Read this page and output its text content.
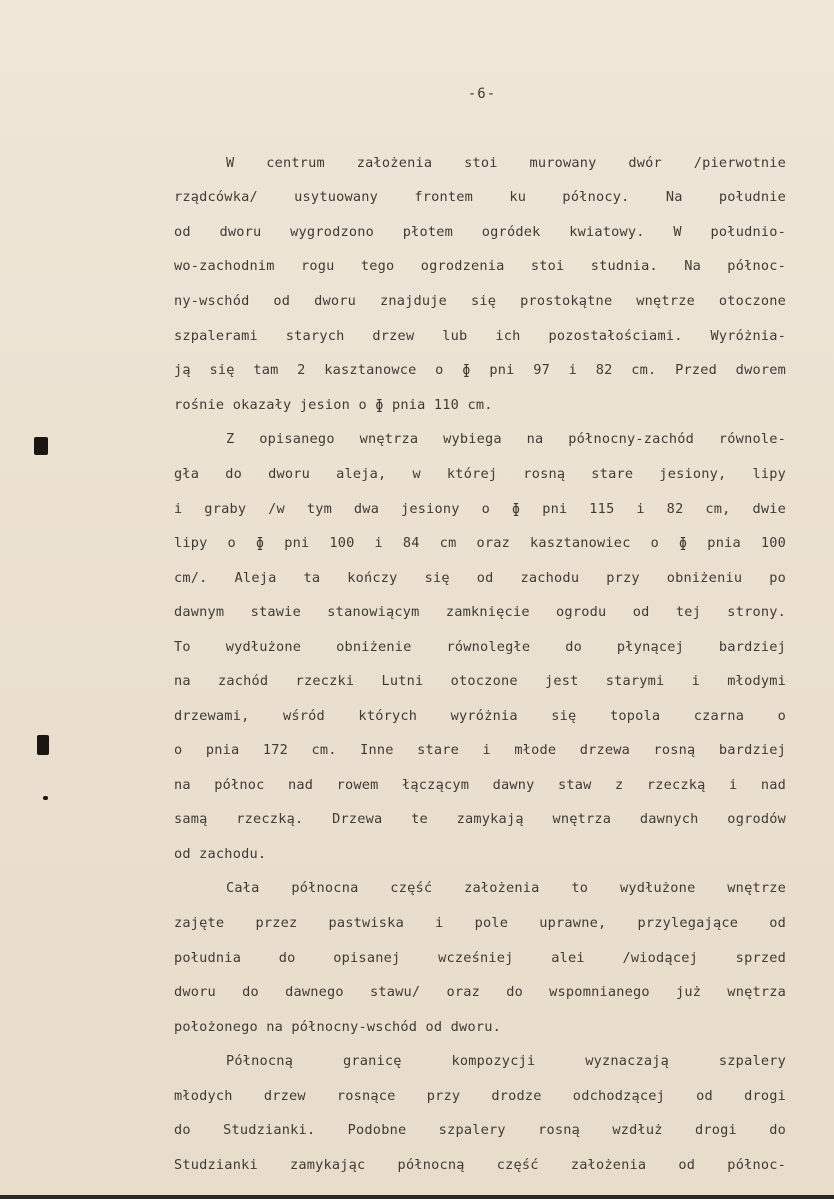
-6-
W centrum założenia stoi murowany dwór /pierwotnie
rządcówka/ usytuowany frontem ku północy. Na południe
od dworu wygrodzono płotem ogródek kwiatowy. W południo-
wo-zachodnim rogu tego ogrodzenia stoi studnia. Na północ-
ny-wschód od dworu znajduje się prostokątne wnętrze otoczone
szpalerami starych drzew lub ich pozostałościami. Wyróżnia-
ją się tam 2 kasztanowce o ɸ pni 97 i 82 cm. Przed dworem
rośnie okazały jesion o ɸ pnia 110 cm.
Z opisanego wnętrza wybiega na północny-zachód równole-
gła do dworu aleja, w której rosną stare jesiony, lipy
i graby /w tym dwa jesiony o ɸ pni 115 i 82 cm, dwie
lipy o ɸ pni 100 i 84 cm oraz kasztanowiec o ɸ pnia 100
cm/. Aleja ta kończy się od zachodu przy obniżeniu po
dawnym stawie stanowiącym zamknięcie ogrodu od tej strony.
To wydłużone obniżenie równoległe do płynącej bardziej
na zachód rzeczki Lutni otoczone jest starymi i młodymi
drzewami, wśród których wyróżnia się topola czarna o
o pnia 172 cm. Inne stare i młode drzewa rosną bardziej
na północ nad rowem łączącym dawny staw z rzeczką i nad
samą rzeczką. Drzewa te zamykają wnętrza dawnych ogrodów
od zachodu.
Cała północna część założenia to wydłużone wnętrze
zajęte przez pastwiska i pole uprawne, przylegające od
południa do opisanej wcześniej alei /wiodącej sprzed
dworu do dawnego stawu/ oraz do wspomnianego już wnętrza
położonego na północny-wschód od dworu.
Północną granicę kompozycji wyznaczają szpalery
młodych drzew rosnące przy drodze odchodzącej od drogi
do Studzianki. Podobne szpalery rosną wzdłuż drogi do
Studzianki zamykając północną część założenia od północ-
